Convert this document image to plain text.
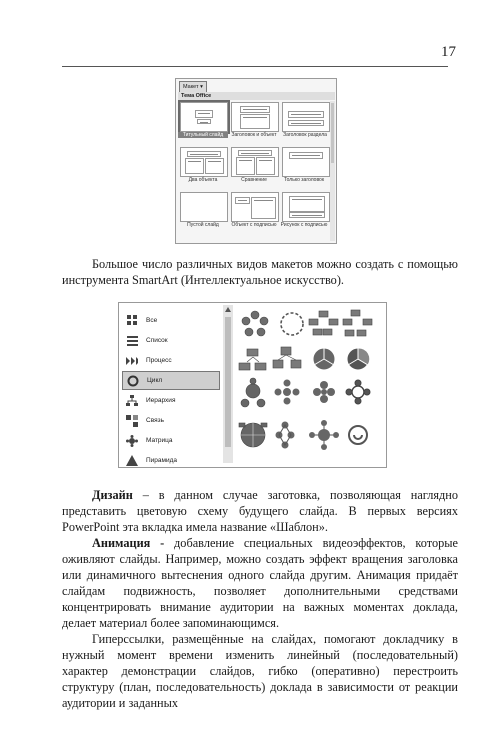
17
Макет ▾
Тема Office
Титульный слайд	Заголовок и объект	Заголовок раздела
Два объекта	Сравнение	Только заголовок
Пустой слайд	Объект с подписью Рисунок с подписью

Большое число различных видов макетов можно создать с помощью инструмента SmartArt (Интеллектуальное искусство).

Все
Список
Процесс
Цикл
Иерархия
Связь
Матрица
Пирамида

Дизайн – в данном случае заготовка, позволяющая наглядно представить цветовую схему будущего слайда. В первых версиях PowerPoint эта вкладка имела название «Шаблон».

Анимация - добавление специальных видеоэффектов, которые оживляют слайды. Например, можно создать эффект вращения заголовка или динамичного вытеснения одного слайда другим. Анимация придаёт слайдам подвижность, позволяет дополнительными средствами концентрировать внимание аудитории на важных моментах доклада, делает материал более запоминающимся.

Гиперссылки, размещённые на слайдах, помогают докладчику в нужный момент времени изменить линейный (последовательный) характер демонстрации слайдов, гибко (оперативно) перестроить структуру (план, последовательность) доклада в зависимости от реакции аудитории и заданных
